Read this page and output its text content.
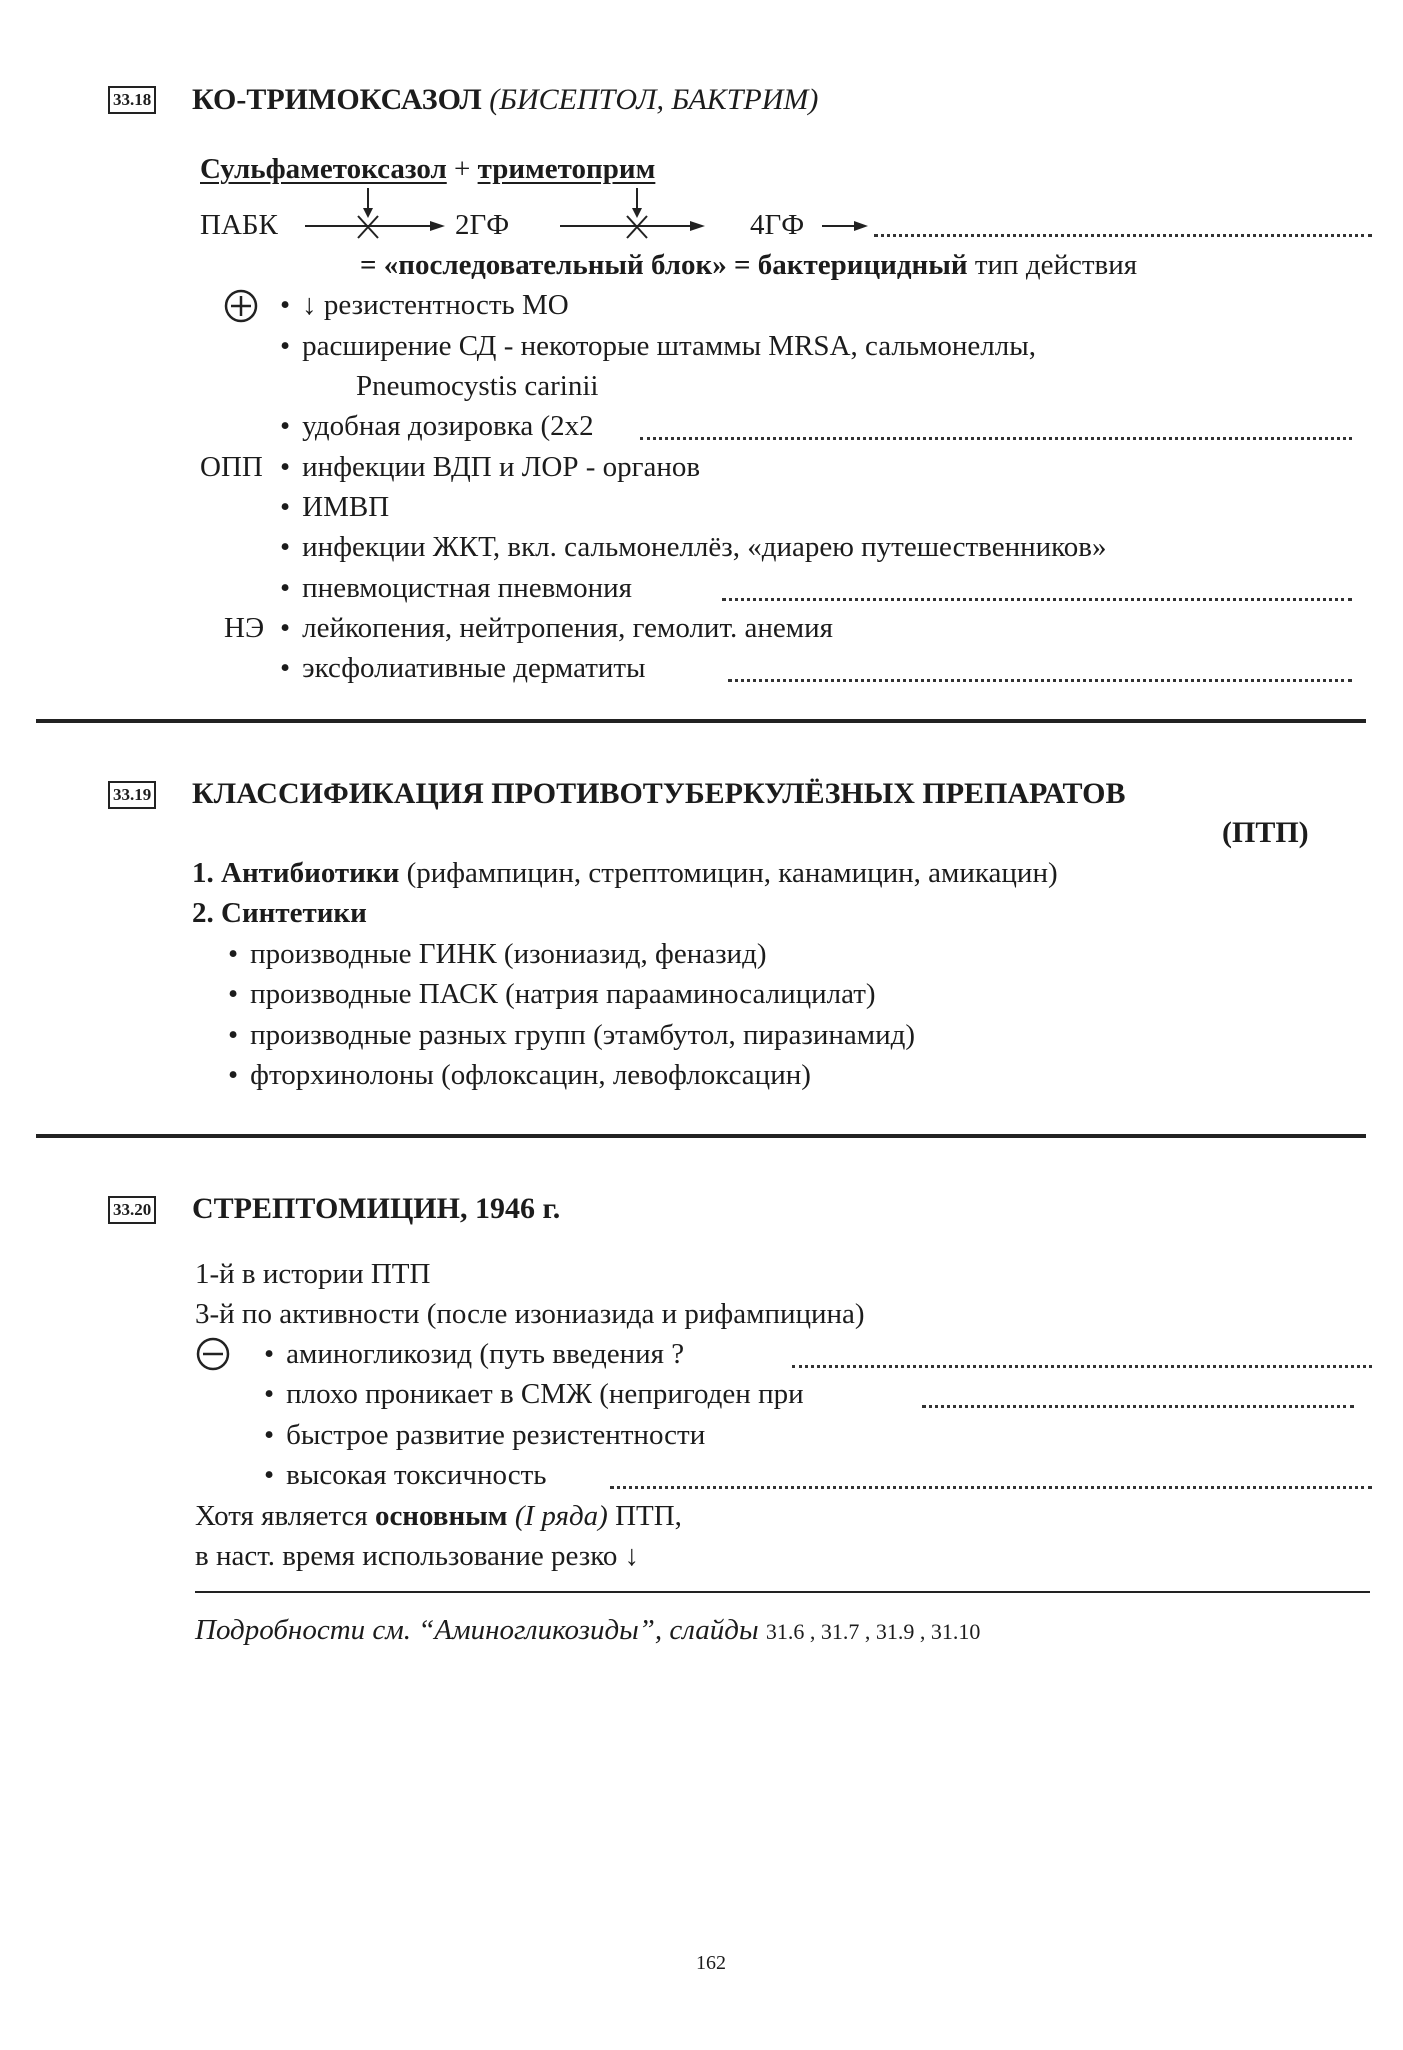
33.18 КО-ТРИМОКСАЗОЛ (БИСЕПТОЛ, БАКТРИМ)
Сульфаметоксазол + триметоприм
ПАБК	2ГФ	4ГФ
= «последовательный блок» = бактерицидный тип действия
• ↓ резистентность МО
• расширение СД - некоторые штаммы MRSA, сальмонеллы,
Pneumocystis carinii
• удобная дозировка (2х2
ОПП	• инфекции ВДП и ЛОР - органов
• ИМВП
• инфекции ЖКТ, вкл. сальмонеллёз, «диарею путешественников»
• пневмоцистная пневмония
НЭ	• лейкопения, нейтропения, гемолит. анемия
• эксфолиативные дерматиты
33.19 КЛАССИФИКАЦИЯ ПРОТИВОТУБЕРКУЛЁЗНЫХ ПРЕПАРАТОВ
(ПТП)
1. Антибиотики (рифампицин, стрептомицин, канамицин, амикацин)
2. Синтетики
• производные ГИНК (изониазид, феназид)
• производные ПАСК (натрия парааминосалицилат)
• производные разных групп (этамбутол, пиразинамид)
• фторхинолоны (офлоксацин, левофлоксацин)
33.20 СТРЕПТОМИЦИН, 1946 г.
1-й в истории ПТП
3-й по активности (после изониазида и рифампицина)
• аминогликозид (путь введения ?
• плохо проникает в СМЖ (непригоден при
• быстрое развитие резистентности
• высокая токсичность
Хотя является основным (I ряда) ПТП,
в наст. время использование резко ↓
Подробности см. “Аминогликозиды”, слайды 31.6 , 31.7 , 31.9 , 31.10
162
